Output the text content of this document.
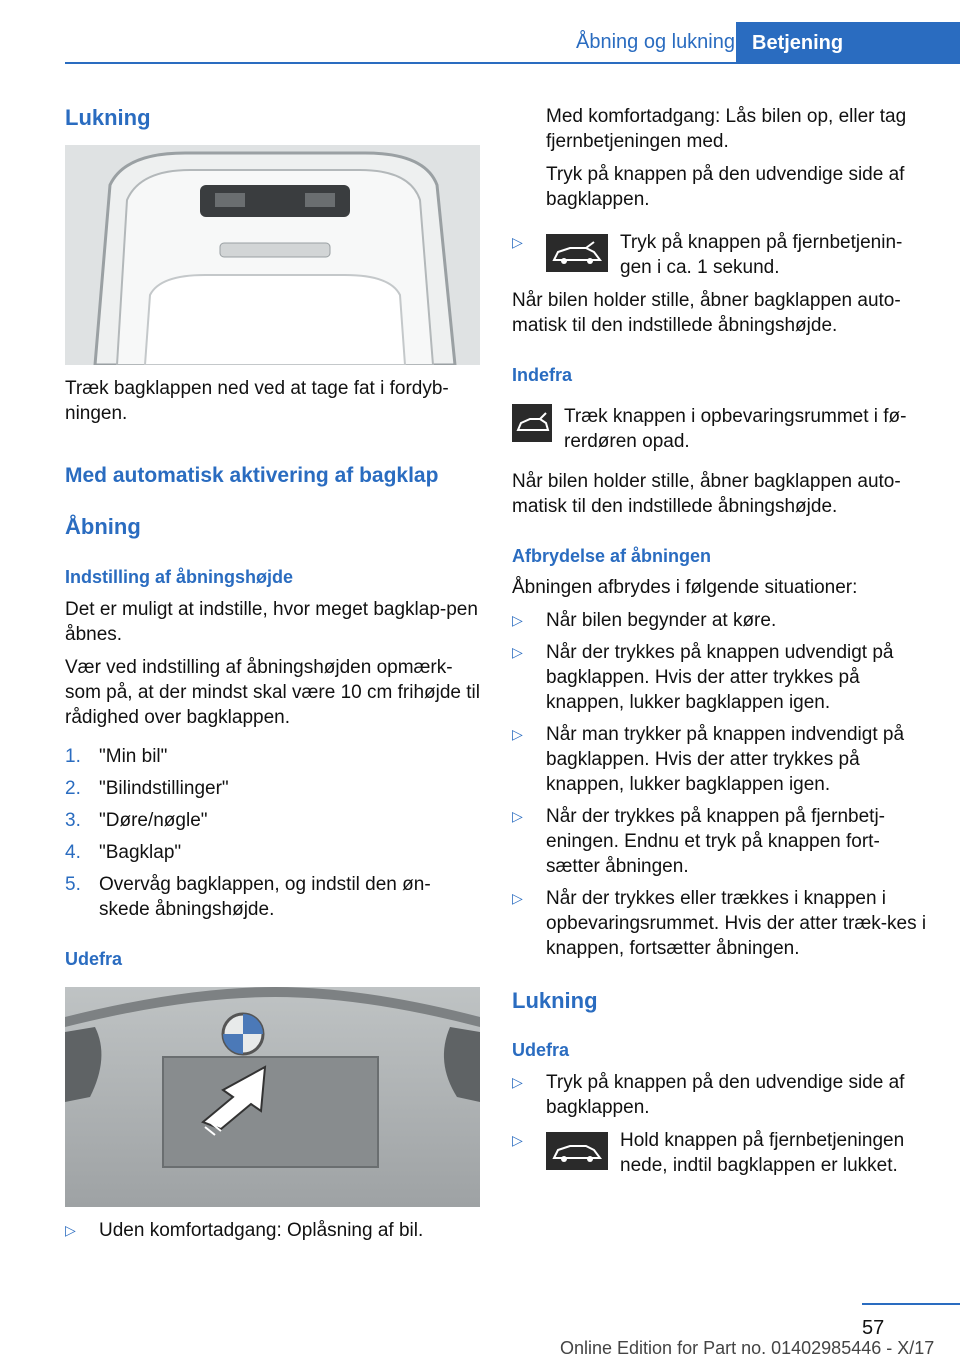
Åbning og lukning Betjening
Lukning

Træk bagklappen ned ved at tage fat i fordyb-ningen.

Med automatisk aktivering af bagklap
Åbning
Indstilling af åbningshøjde

Det er muligt at indstille, hvor meget bagklap-pen åbnes.

Vær ved indstilling af åbningshøjden opmærk-som på, at der mindst skal være 10 cm frihøjde til rådighed over bagklappen.

1. "Min bil"
2. "Bilindstillinger"
3. "Døre/nøgle"
4. "Bagklap"
5. Overvåg bagklappen, og indstil den øn-skede åbningshøjde.
Udefra
▷	Uden komfortadgang: Oplåsning af bil.

Med komfortadgang: Lås bilen op, eller tag fjernbetjeningen med.

Tryk på knappen på den udvendige side af bagklappen.

▷	Tryk på knappen på fjernbetjenin-gen i ca. 1 sekund.

Når bilen holder stille, åbner bagklappen auto-matisk til den indstillede åbningshøjde.

Indefra

Træk knappen i opbevaringsrummet i fø-rerdøren opad.

Når bilen holder stille, åbner bagklappen auto-matisk til den indstillede åbningshøjde.

Afbrydelse af åbningen

Åbningen afbrydes i følgende situationer:

▷	Når bilen begynder at køre.
▷	Når der trykkes på knappen udvendigt på bagklappen. Hvis der atter trykkes på knappen, lukker bagklappen igen.
▷	Når man trykker på knappen indvendigt på bagklappen. Hvis der atter trykkes på knappen, lukker bagklappen igen.
▷	Når der trykkes på knappen på fjernbetj-eningen. Endnu et tryk på knappen fort-sætter åbningen.
▷	Når der trykkes eller trækkes i knappen i opbevaringsrummet. Hvis der atter træk-kes i knappen, fortsætter åbningen.
Lukning
Udefra
▷	Tryk på knappen på den udvendige side af bagklappen.
▷	Hold knappen på fjernbetjeningen nede, indtil bagklappen er lukket.

57
Online Edition for Part no. 01402985446 - X/17
